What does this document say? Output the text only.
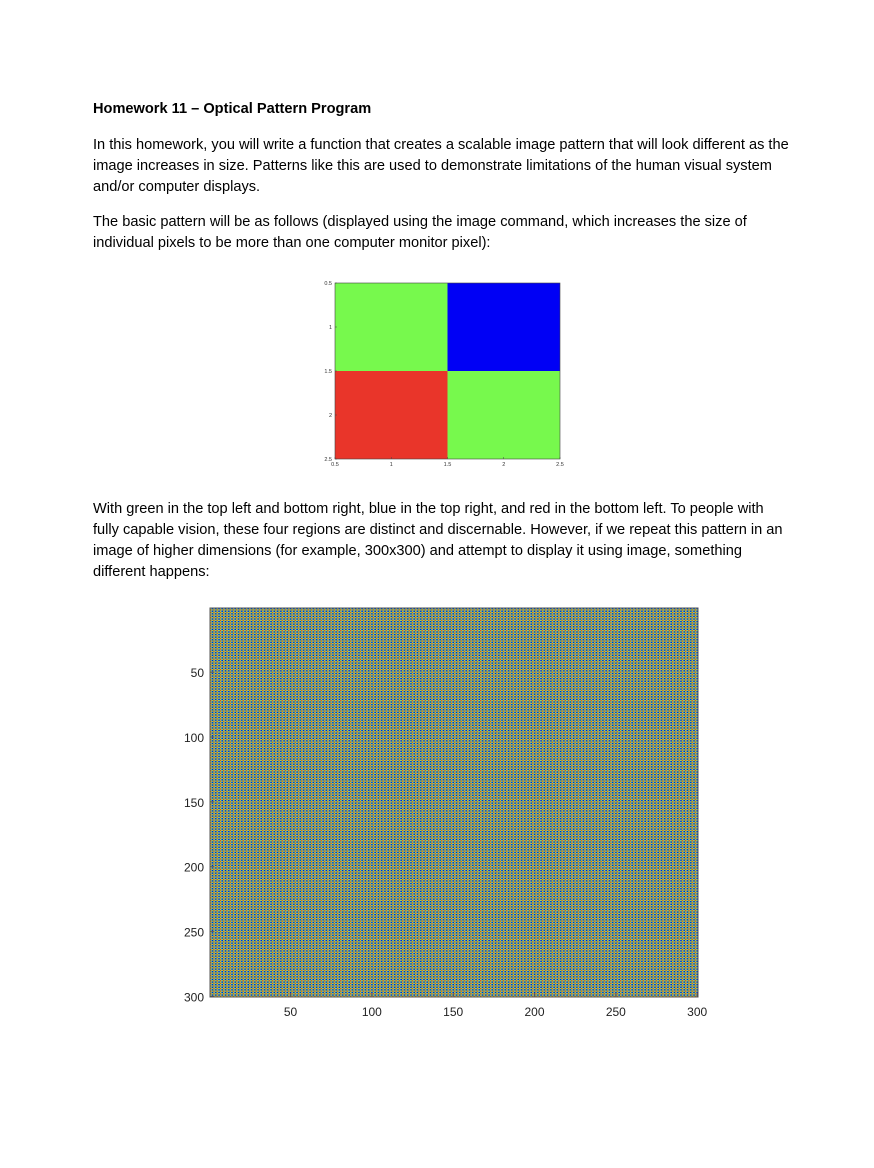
Homework 11 – Optical Pattern Program

In this homework, you will write a function that creates a scalable image pattern that will look different as the image increases in size. Patterns like this are used to demonstrate limitations of the human visual system and/or computer displays.

The basic pattern will be as follows (displayed using the image command, which increases the size of individual pixels to be more than one computer monitor pixel):

0.5	1	1.5	2	2.5
0.5
1
1.5
2
2.5

With green in the top left and bottom right, blue in the top right, and red in the bottom left. To people with fully capable vision, these four regions are distinct and discernable. However, if we repeat this pattern in an image of higher dimensions (for example, 300x300) and attempt to display it using image, something different happens:

50	100	150	200	250	300
50
100
150
200
250
300
